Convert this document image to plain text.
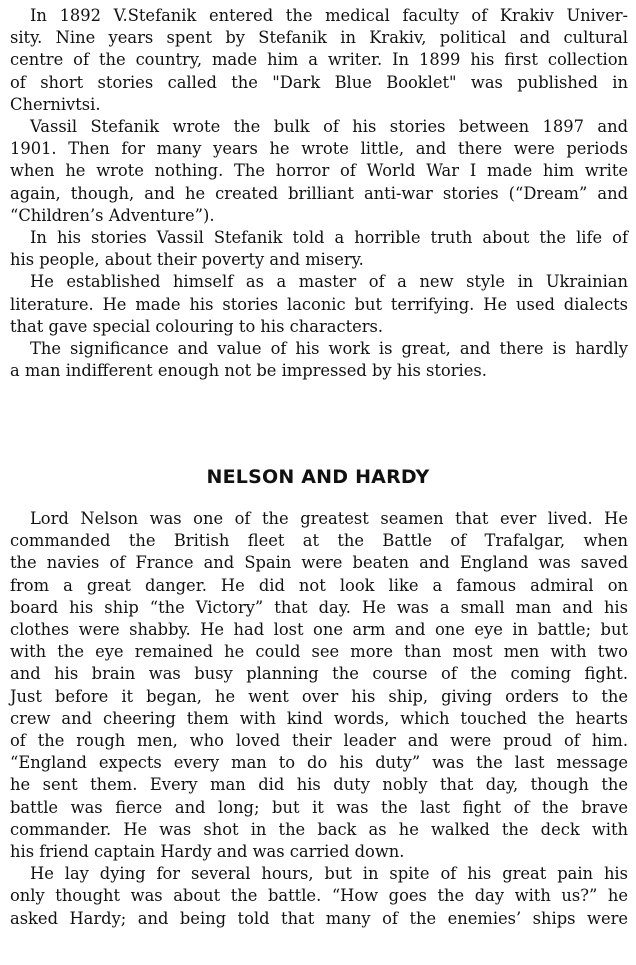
In 1892 V.Stefanik entered the medical faculty of Krakiv Univer-
sity. Nine years spent by Stefanik in Krakiv, political and cultural
centre of the country, made him a writer. In 1899 his first collection
of short stories called the "Dark Blue Booklet" was published in
Chernivtsi.

Vassil Stefanik wrote the bulk of his stories between 1897 and
1901. Then for many years he wrote little, and there were periods
when he wrote nothing. The horror of World War I made him write
again, though, and he created brilliant anti-war stories (“Dream” and
“Children’s Adventure”).

In his stories Vassil Stefanik told a horrible truth about the life of
his people, about their poverty and misery.

He established himself as a master of a new style in Ukrainian
literature. He made his stories laconic but terrifying. He used dialects
that gave special colouring to his characters.

The significance and value of his work is great, and there is hardly
a man indifferent enough not be impressed by his stories.

NELSON AND HARDY

Lord Nelson was one of the greatest seamen that ever lived. He
commanded the British fleet at the Battle of Trafalgar, when
the navies of France and Spain were beaten and England was saved
from a great danger. He did not look like a famous admiral on
board his ship “the Victory” that day. He was a small man and his
clothes were shabby. He had lost one arm and one eye in battle; but
with the eye remained he could see more than most men with two
and his brain was busy planning the course of the coming fight.
Just before it began, he went over his ship, giving orders to the
crew and cheering them with kind words, which touched the hearts
of the rough men, who loved their leader and were proud of him.
“England expects every man to do his duty” was the last message
he sent them. Every man did his duty nobly that day, though the
battle was fierce and long; but it was the last fight of the brave
commander. He was shot in the back as he walked the deck with
his friend captain Hardy and was carried down.

He lay dying for several hours, but in spite of his great pain his
only thought was about the battle. “How goes the day with us?” he
asked Hardy; and being told that many of the enemies’ ships were
